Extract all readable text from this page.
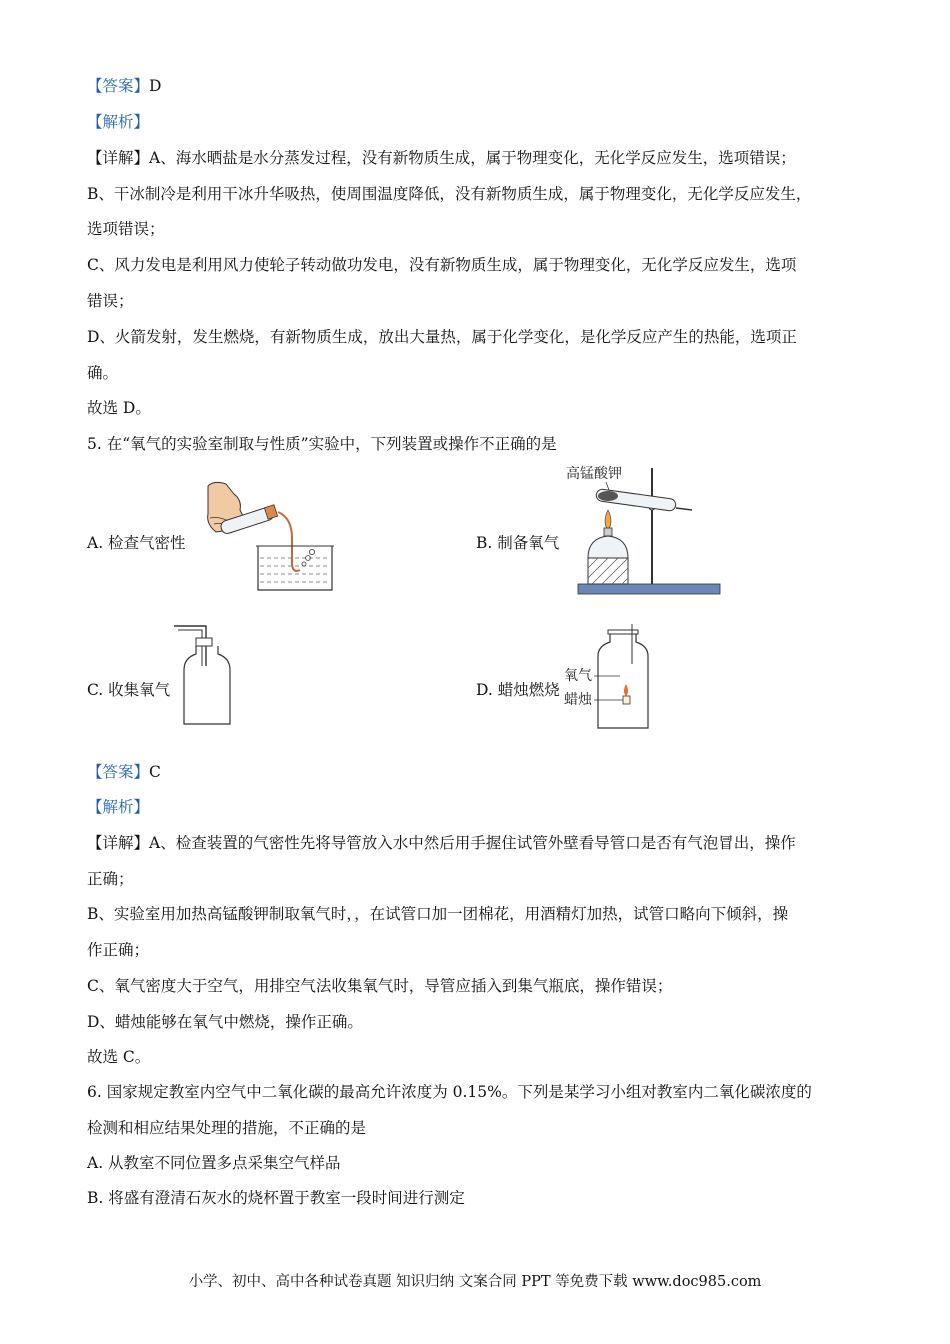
【答案】D
【解析】
【详解】A、海水晒盐是水分蒸发过程，没有新物质生成，属于物理变化，无化学反应发生，选项错误；
B、干冰制冷是利用干冰升华吸热，使周围温度降低，没有新物质生成，属于物理变化，无化学反应发生，
选项错误；
C、风力发电是利用风力使轮子转动做功发电，没有新物质生成，属于物理变化，无化学反应发生，选项
错误；
D、火箭发射，发生燃烧，有新物质生成，放出大量热，属于化学变化，是化学反应产生的热能，选项正
确。
故选 D。
5. 在“氧气的实验室制取与性质”实验中，下列装置或操作不正确的是
A. 检查气密性	B. 制备氧气
C. 收集氧气	D. 蜡烛燃烧
高锰酸钾
氧气
蜡烛
【答案】C
【解析】
【详解】A、检查装置的气密性先将导管放入水中然后用手握住试管外壁看导管口是否有气泡冒出，操作
正确；
B、实验室用加热高锰酸钾制取氧气时，，在试管口加一团棉花，用酒精灯加热，试管口略向下倾斜，操
作正确；
C、氧气密度大于空气，用排空气法收集氧气时，导管应插入到集气瓶底，操作错误；
D、蜡烛能够在氧气中燃烧，操作正确。
故选 C。
6. 国家规定教室内空气中二氧化碳的最高允许浓度为 0.15%。下列是某学习小组对教室内二氧化碳浓度的
检测和相应结果处理的措施，不正确的是
A. 从教室不同位置多点采集空气样品
B. 将盛有澄清石灰水的烧杯置于教室一段时间进行测定
小学、初中、高中各种试卷真题 知识归纳 文案合同 PPT 等免费下载 www.doc985.com
